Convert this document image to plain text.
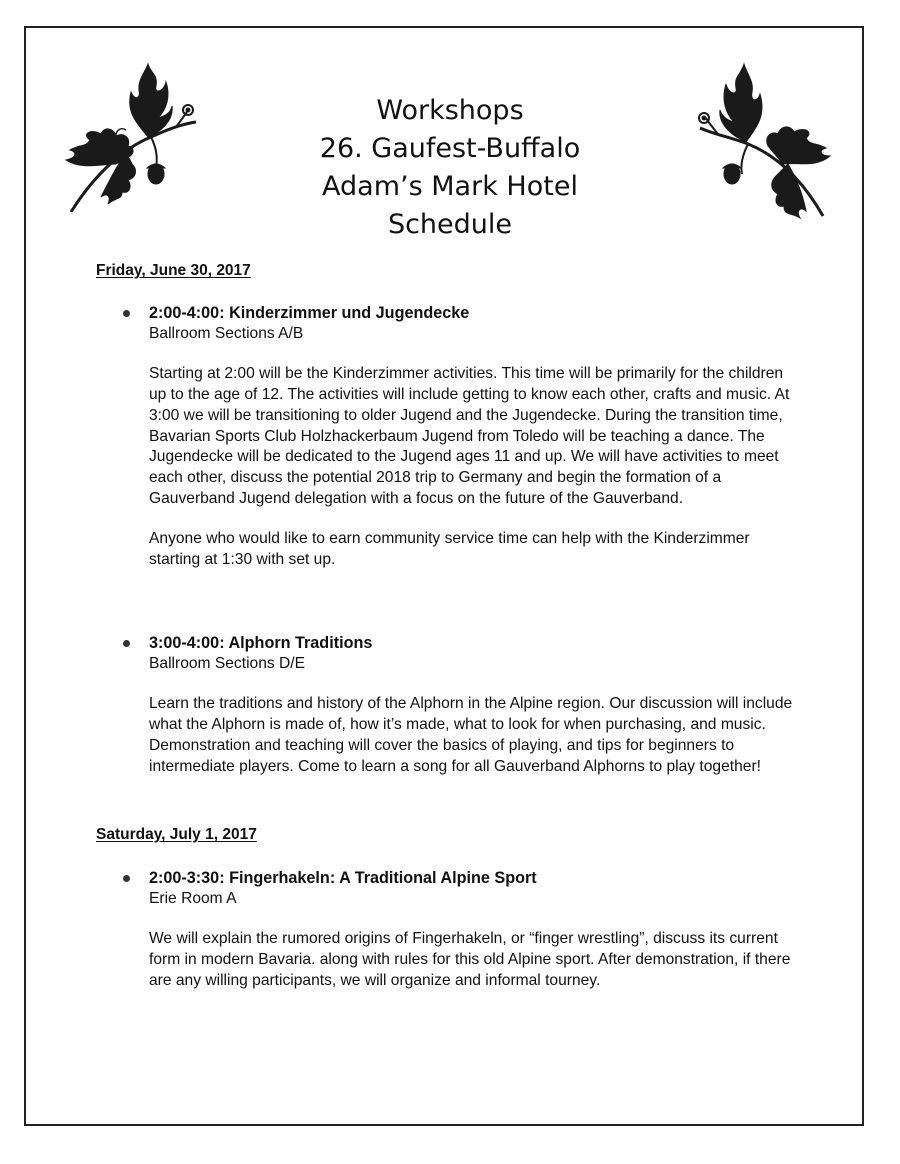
Workshops
26. Gaufest-Buffalo
Adam’s Mark Hotel
Schedule
Friday, June 30, 2017
2:00-4:00: Kinderzimmer und Jugendecke
Ballroom Sections A/B

Starting at 2:00 will be the Kinderzimmer activities. This time will be primarily for the children up to the age of 12. The activities will include getting to know each other, crafts and music. At 3:00 we will be transitioning to older Jugend and the Jugendecke. During the transition time, Bavarian Sports Club Holzhackerbaum Jugend from Toledo will be teaching a dance. The Jugendecke will be dedicated to the Jugend ages 11 and up. We will have activities to meet each other, discuss the potential 2018 trip to Germany and begin the formation of a Gauverband Jugend delegation with a focus on the future of the Gauverband.

Anyone who would like to earn community service time can help with the Kinderzimmer starting at 1:30 with set up.

3:00-4:00: Alphorn Traditions
Ballroom Sections D/E

Learn the traditions and history of the Alphorn in the Alpine region. Our discussion will include what the Alphorn is made of, how it’s made, what to look for when purchasing, and music. Demonstration and teaching will cover the basics of playing, and tips for beginners to intermediate players. Come to learn a song for all Gauverband Alphorns to play together!

Saturday, July 1, 2017
2:00-3:30: Fingerhakeln: A Traditional Alpine Sport
Erie Room A

We will explain the rumored origins of Fingerhakeln, or “finger wrestling”, discuss its current form in modern Bavaria. along with rules for this old Alpine sport. After demonstration, if there are any willing participants, we will organize and informal tourney.
